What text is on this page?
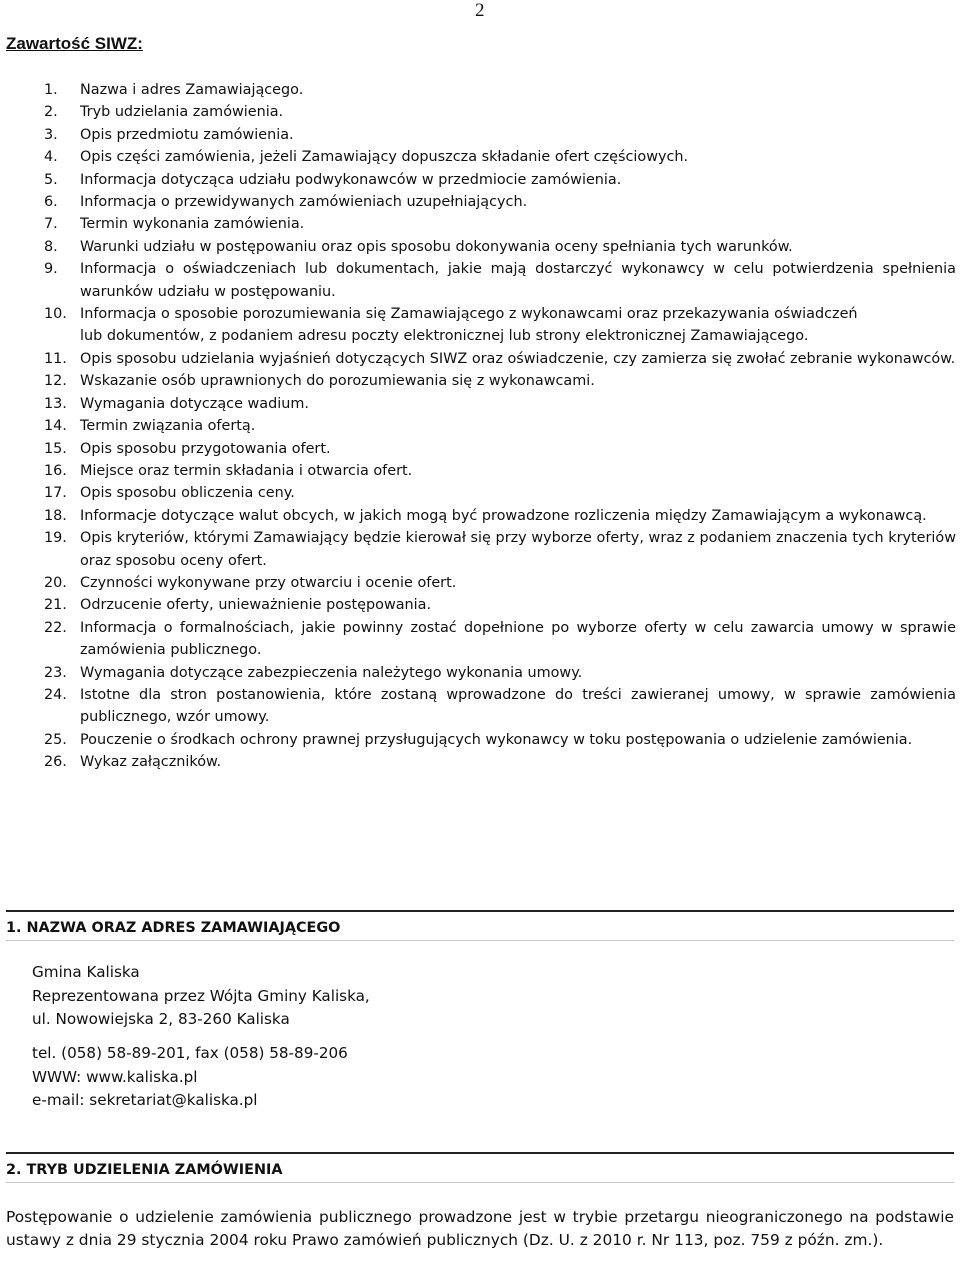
2
Zawartość SIWZ:
1.	Nazwa i adres Zamawiającego.
2.	Tryb udzielania zamówienia.
3.	Opis przedmiotu zamówienia.
4.	Opis części zamówienia, jeżeli Zamawiający dopuszcza składanie ofert częściowych.
5.	Informacja dotycząca udziału podwykonawców w przedmiocie zamówienia.
6.	Informacja o przewidywanych zamówieniach uzupełniających.
7.	Termin wykonania zamówienia.
8.	Warunki udziału w postępowaniu oraz opis sposobu dokonywania oceny spełniania tych warunków.
9.	Informacja o oświadczeniach lub dokumentach, jakie mają dostarczyć wykonawcy w celu potwierdzenia spełnienia warunków udziału w postępowaniu.
10. Informacja o sposobie porozumiewania się Zamawiającego z wykonawcami oraz przekazywania oświadczeń
lub dokumentów, z podaniem adresu poczty elektronicznej lub strony elektronicznej Zamawiającego.
11. Opis sposobu udzielania wyjaśnień dotyczących SIWZ oraz oświadczenie, czy zamierza się zwołać zebranie wykonawców.
12. Wskazanie osób uprawnionych do porozumiewania się z wykonawcami.
13. Wymagania dotyczące wadium.
14. Termin związania ofertą.
15. Opis sposobu przygotowania ofert.
16. Miejsce oraz termin składania i otwarcia ofert.
17. Opis sposobu obliczenia ceny.
18. Informacje dotyczące walut obcych, w jakich mogą być prowadzone rozliczenia między Zamawiającym a wykonawcą.
19. Opis kryteriów, którymi Zamawiający będzie kierował się przy wyborze oferty, wraz z podaniem znaczenia tych kryteriów oraz sposobu oceny ofert.
20. Czynności wykonywane przy otwarciu i ocenie ofert.
21. Odrzucenie oferty, unieważnienie postępowania.
22. Informacja o formalnościach, jakie powinny zostać dopełnione po wyborze oferty w celu zawarcia umowy w sprawie zamówienia publicznego.
23. Wymagania dotyczące zabezpieczenia należytego wykonania umowy.
24. Istotne dla stron postanowienia, które zostaną wprowadzone do treści zawieranej umowy, w sprawie zamówienia publicznego, wzór umowy.
25. Pouczenie o środkach ochrony prawnej przysługujących wykonawcy w toku postępowania o udzielenie zamówienia.
26. Wykaz załączników.
1. NAZWA ORAZ ADRES ZAMAWIAJĄCEGO
Gmina Kaliska
Reprezentowana przez Wójta Gminy Kaliska,
ul. Nowowiejska 2, 83-260 Kaliska
tel. (058) 58-89-201, fax (058) 58-89-206
WWW: www.kaliska.pl
e-mail: sekretariat@kaliska.pl
2. TRYB UDZIELENIA ZAMÓWIENIA

Postępowanie o udzielenie zamówienia publicznego prowadzone jest w trybie przetargu nieograniczonego na podstawie ustawy z dnia 29 stycznia 2004 roku Prawo zamówień publicznych (Dz. U. z 2010 r. Nr 113, poz. 759 z późn. zm.).
